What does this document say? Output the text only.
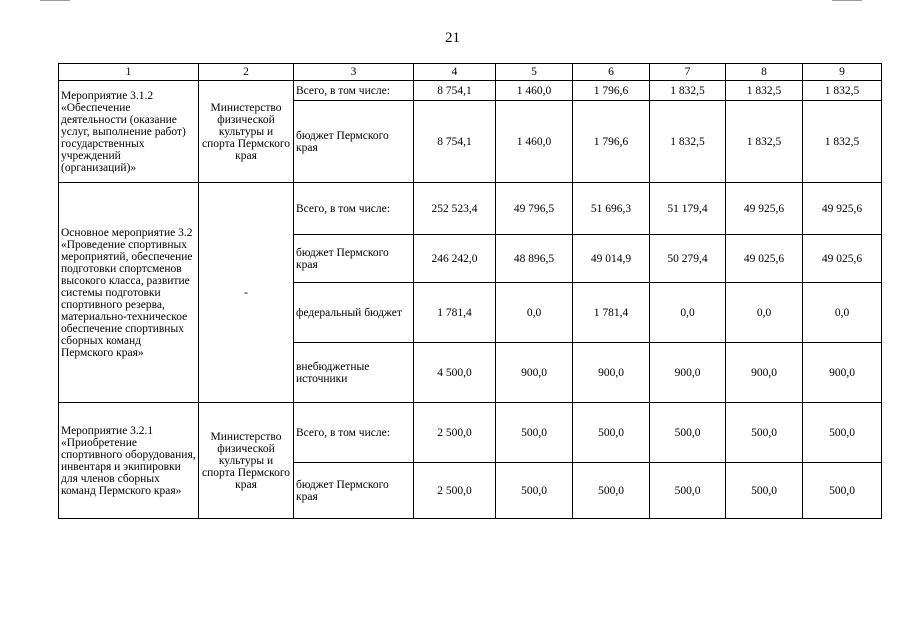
21
1	2	3	4	5	6	7	8	9
Мероприятие 3.1.2 «Обеспечение деятельности (оказание услуг, выполнение работ) государственных учреждений (организаций)»	Министерство физической культуры и спорта Пермского края	Всего, в том числе:	8 754,1	1 460,0	1 796,6	1 832,5	1 832,5	1 832,5
		бюджет Пермского края	8 754,1	1 460,0	1 796,6	1 832,5	1 832,5	1 832,5
Основное мероприятие 3.2 «Проведение спортивных мероприятий, обеспечение подготовки спортсменов высокого класса, развитие системы подготовки спортивного резерва, материально-техническое обеспечение спортивных сборных команд Пермского края»	-	Всего, в том числе:	252 523,4	49 796,5	51 696,3	51 179,4	49 925,6	49 925,6
		бюджет Пермского края	246 242,0	48 896,5	49 014,9	50 279,4	49 025,6	49 025,6
		федеральный бюджет	1 781,4	0,0	1 781,4	0,0	0,0	0,0
		внебюджетные источники	4 500,0	900,0	900,0	900,0	900,0	900,0
Мероприятие 3.2.1 «Приобретение спортивного оборудования, инвентаря и экипировки для членов сборных команд Пермского края»	Министерство физической культуры и спорта Пермского края	Всего, в том числе:	2 500,0	500,0	500,0	500,0	500,0	500,0
		бюджет Пермского края	2 500,0	500,0	500,0	500,0	500,0	500,0
